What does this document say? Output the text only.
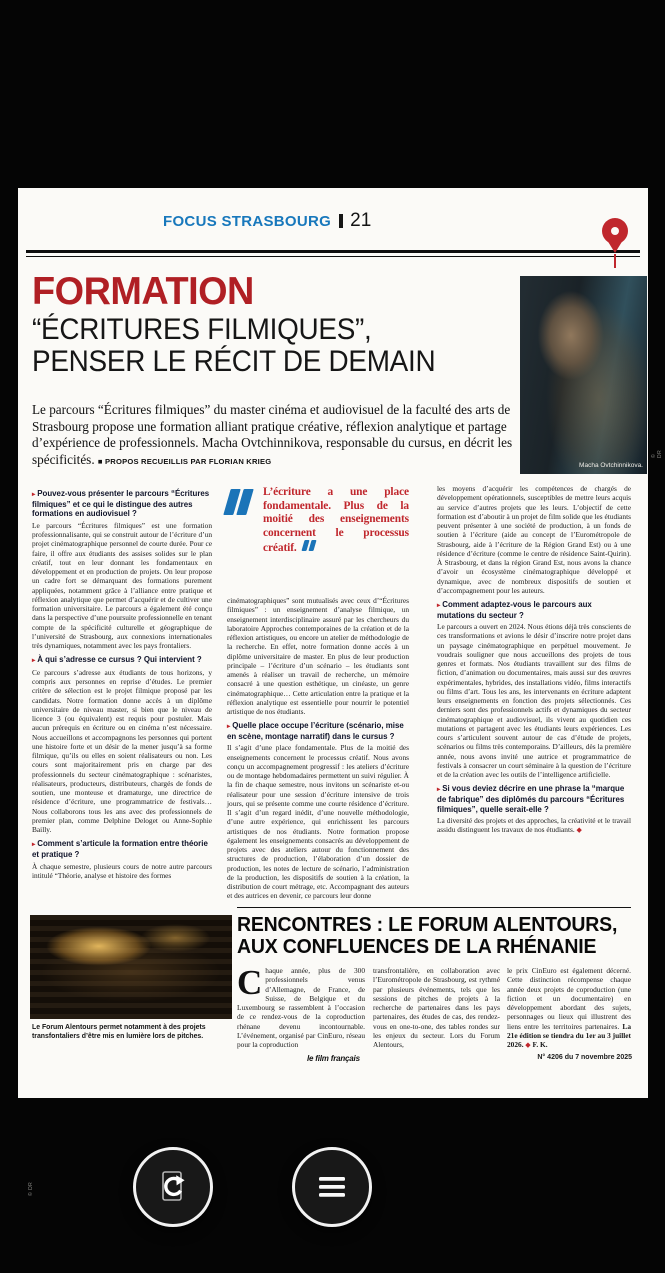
FOCUS STRASBOURG 21
FORMATION
“ÉCRITURES FILMIQUES”,
PENSER LE RÉCIT DE DEMAIN
Macha Ovtchinnikova.
© DR
Le parcours “Écritures filmiques” du master cinéma et audiovisuel de la faculté des arts de Strasbourg propose une formation alliant pratique créative, réflexion analytique et partage d’expérience de professionnels. Macha Ovtchinnikova, responsable du cursus, en décrit les spécificités. ■ PROPOS RECUEILLIS PAR FLORIAN KRIEG
▸ Pouvez-vous présenter le parcours “Écritures filmiques” et ce qui le distingue des autres formations en audiovisuel ?

Le parcours “Écritures filmiques” est une formation professionnalisante, qui se construit autour de l’écriture d’un projet cinématographique personnel de courte durée. Pour ce faire, il offre aux étudiants des assises solides sur le plan créatif, tout en leur donnant les fondamentaux en développement et en production de projets. On leur propose un cadre fort se démarquant des formations purement appliquées, notamment grâce à l’alliance entre pratique et réflexion analytique que permet d’acquérir et de cultiver une formation universitaire. Le parcours a également été conçu dans la perspective d’une poursuite professionnelle en tenant compte de la spécificité culturelle et géographique de l’université de Strasbourg, aux connexions internationales très dynamiques, notamment avec les pays frontaliers.

▸ À qui s’adresse ce cursus ? Qui intervient ?

Ce parcours s’adresse aux étudiants de tous horizons, y compris aux personnes en reprise d’études. Le premier critère de sélection est le projet filmique proposé par les candidats. Notre formation donne accès à un diplôme universitaire de niveau master, si bien que le niveau de licence 3 (ou équivalent) est requis pour postuler. Mais aucun prérequis en écriture ou en cinéma n’est nécessaire. Nous accueillons et accompagnons les personnes qui portent une histoire forte et un désir de la mener jusqu’à sa forme filmique, qu’ils ou elles en soient réalisateurs ou non. Les cours sont majoritairement pris en charge par des professionnels du secteur cinématographique : scénaristes, réalisateurs, producteurs, distributeurs, chargés de fonds de soutien, une monteuse et dramaturge, une directrice de résidence d’écriture, une programmatrice de festivals… Nous collaborons tous les ans avec des professionnels de premier plan, comme Delphine Deloget ou Anne-Sophie Bailly.

▸ Comment s’articule la formation entre théorie et pratique ?

À chaque semestre, plusieurs cours de notre autre parcours intitulé “Théorie, analyse et histoire des formes

L’écriture a une place fondamentale. Plus de la moitié des enseignements concernent le processus créatif.

cinématographiques” sont mutualisés avec ceux d’“Écritures filmiques” : un enseignement d’analyse filmique, un enseignement interdisciplinaire assuré par les chercheurs du laboratoire Approches contemporaines de la création et de la réflexion artistiques, ou encore un atelier de méthodologie de la recherche. En effet, notre formation donne accès à un diplôme universitaire de master. En plus de leur production principale – l’écriture d’un scénario – les étudiants sont amenés à réaliser un travail de recherche, un mémoire consacré à une question esthétique, un cinéaste, un genre cinématographique… Cette articulation entre la pratique et la réflexion analytique est essentielle pour nourrir le potentiel artistique de nos étudiants.

▸ Quelle place occupe l’écriture (scénario, mise en scène, montage narratif) dans le cursus ?

Il s’agit d’une place fondamentale. Plus de la moitié des enseignements concernent le processus créatif. Nous avons conçu un accompagnement progressif : les ateliers d’écriture ou de montage hebdomadaires permettent un suivi régulier. À la fin de chaque semestre, nous invitons un scénariste et-ou réalisateur pour une session d’écriture intensive de trois jours, qui se présente comme une courte résidence d’écriture. Il s’agit d’un regard inédit, d’une nouvelle méthodologie, d’une autre expérience, qui enrichissent les parcours artistiques de nos étudiants. Notre formation propose également les enseignements consacrés au développement de projets avec des ateliers autour du fonctionnement des structures de production, l’élaboration d’un dossier de production, les notes de lecture de scénario, l’administration de la production, les dispositifs de soutien à la création, la distribution de court métrage, etc. Accompagnant des auteurs et des autrices en devenir, ce parcours leur donne

les moyens d’acquérir les compétences de chargés de développement opérationnels, susceptibles de mettre leurs acquis au service d’autres projets que les leurs. L’objectif de cette formation est d’aboutir à un projet de film solide que les étudiants peuvent présenter à une société de production, à un fonds de soutien à l’écriture (aide au concept de l’Eurométropole de Strasbourg, aide à l’écriture de la Région Grand Est) ou à une résidence d’écriture (comme le centre de résidence Saint-Quirin). À Strasbourg, et dans la région Grand Est, nous avons la chance d’avoir un écosystème cinématographique développé et dynamique, avec de nombreux dispositifs de soutien et d’accompagnement pour les auteurs.

▸ Comment adaptez-vous le parcours aux mutations du secteur ?

Le parcours a ouvert en 2024. Nous étions déjà très conscients de ces transformations et avions le désir d’inscrire notre projet dans un paysage cinématographique en perpétuel mouvement. Je voudrais souligner que nous accueillons des projets de tous genres et formats. Nos étudiants travaillent sur des films de fiction, d’animation ou documentaires, mais aussi sur des œuvres expérimentales, hybrides, des installations vidéo, films interactifs ou films d’art. Tous les ans, les intervenants en écriture adaptent leurs enseignements en fonction des projets sélectionnés. Ces derniers sont des professionnels actifs et dynamiques du secteur cinématographique et audiovisuel, ils vivent au quotidien ces mutations et partagent avec les étudiants leurs expériences. Les cours s’articulent souvent autour de cas d’étude de projets, scénarios ou films très contemporains. D’ailleurs, dès la première année, nous avons invité une autrice et programmatrice de festivals à consacrer un court séminaire à la question de l’écriture et de la création avec les outils de l’intelligence artificielle.

▸ Si vous deviez décrire en une phrase la “marque de fabrique” des diplômés du parcours “Écritures filmiques”, quelle serait-elle ?

La diversité des projets et des approches, la créativité et le travail assidu distinguent les travaux de nos étudiants. ◆

© DR
Le Forum Alentours permet notamment à des projets transfontaliers d’être mis en lumière lors de pitches.
RENCONTRES : LE FORUM ALENTOURS,
AUX CONFLUENCES DE LA RHÉNANIE

Chaque année, plus de 300 professionnels venus d’Allemagne, de France, de Suisse, de Belgique et du Luxembourg se rassemblent à l’occasion de ce rendez-vous de la coproduction rhénane devenu incontournable. L’événement, organisé par CinEuro, réseau pour la coproduction

transfrontalière, en collaboration avec l’Eurométropole de Strasbourg, est rythmé par plusieurs événements, tels que les sessions de pitches de projets à la recherche de partenaires dans les pays partenaires, des études de cas, des rendez-vous en one-to-one, des tables rondes sur les enjeux du secteur. Lors du Forum Alentours,

le prix CinEuro est également décerné. Cette distinction récompense chaque année deux projets de coproduction (une fiction et un documentaire) en développement abordant des sujets, personnages ou lieux qui illustrent des liens entre les territoires partenaires. La 21e édition se tiendra du 1er au 3 juillet 2026. ◆ F. K.

le film français	N° 4206 du 7 novembre 2025
